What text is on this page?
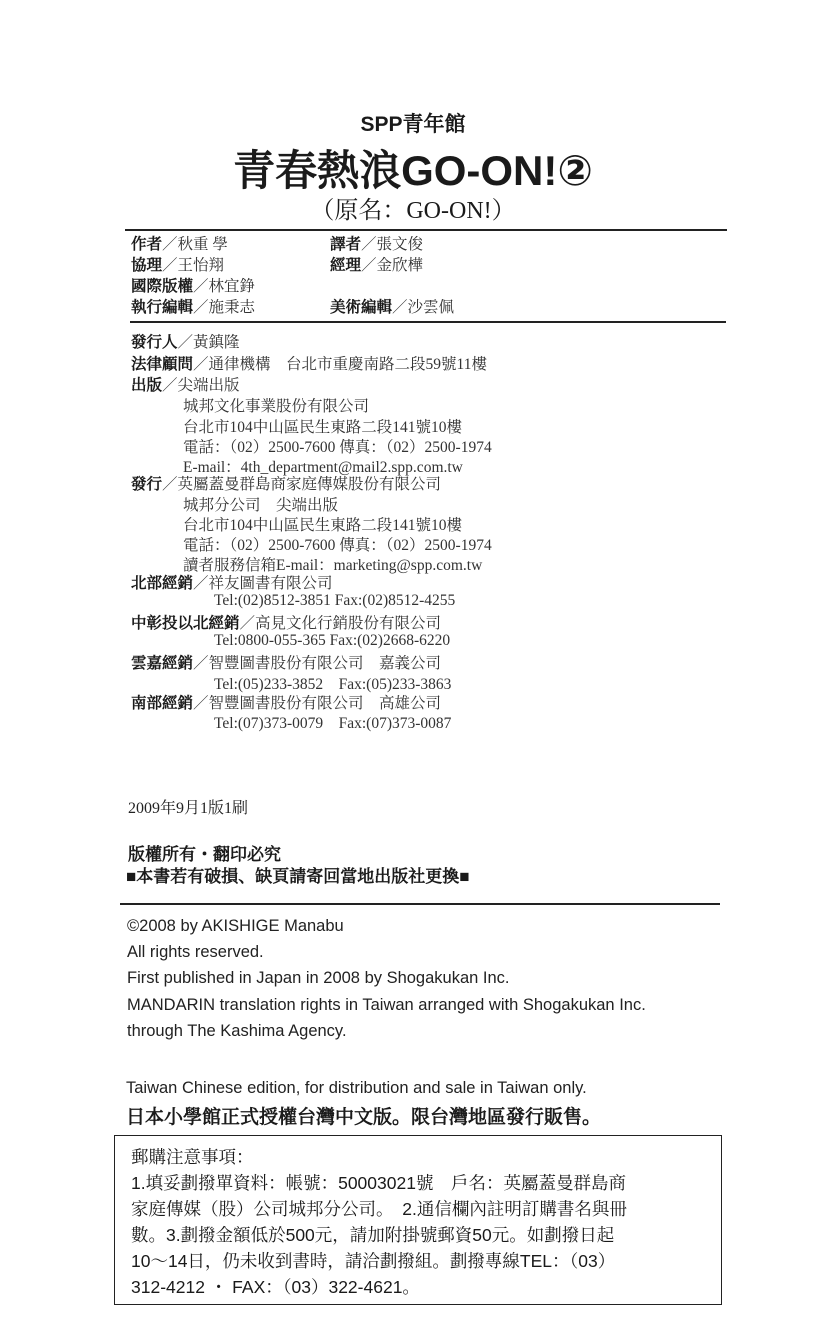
SPP青年館
青春熱浪GO-ON!②
（原名：GO-ON!）
作者／秋重 學
協理／王怡翔
國際版權／林宜錚
執行編輯／施秉志
譯者／張文俊
經理／金欣樺
美術編輯／沙雲佩
發行人／黃鎮隆
法律顧問／通律機構　台北市重慶南路二段59號11樓
出版／尖端出版
城邦文化事業股份有限公司
台北市104中山區民生東路二段141號10樓
電話：（02）2500-7600 傳真：（02）2500-1974
E-mail：4th_department@mail2.spp.com.tw
發行／英屬蓋曼群島商家庭傳媒股份有限公司
城邦分公司　尖端出版
台北市104中山區民生東路二段141號10樓
電話：（02）2500-7600 傳真：（02）2500-1974
讀者服務信箱E-mail：marketing@spp.com.tw
北部經銷／祥友圖書有限公司
Tel:(02)8512-3851 Fax:(02)8512-4255
中彰投以北經銷／高見文化行銷股份有限公司
Tel:0800-055-365 Fax:(02)2668-6220
雲嘉經銷／智豐圖書股份有限公司　嘉義公司
Tel:(05)233-3852　Fax:(05)233-3863
南部經銷／智豐圖書股份有限公司　高雄公司
Tel:(07)373-0079　Fax:(07)373-0087
2009年9月1版1刷
版權所有・翻印必究
■本書若有破損、缺頁請寄回當地出版社更換■
©2008 by AKISHIGE Manabu
All rights reserved.
First published in Japan in 2008 by Shogakukan Inc.
MANDARIN translation rights in Taiwan arranged with Shogakukan Inc.
through The Kashima Agency.
Taiwan Chinese edition, for distribution and sale in Taiwan only.
日本小學館正式授權台灣中文版。限台灣地區發行販售。
郵購注意事項：
1.填妥劃撥單資料：帳號：50003021號　戶名：英屬蓋曼群島商
家庭傳媒（股）公司城邦分公司。　2.通信欄內註明訂購書名與冊
數。3.劃撥金額低於500元，請加附掛號郵資50元。如劃撥日起
10～14日，仍未收到書時，請洽劃撥組。劃撥專線TEL：（03）
312-4212 ・ FAX：（03）322-4621。
